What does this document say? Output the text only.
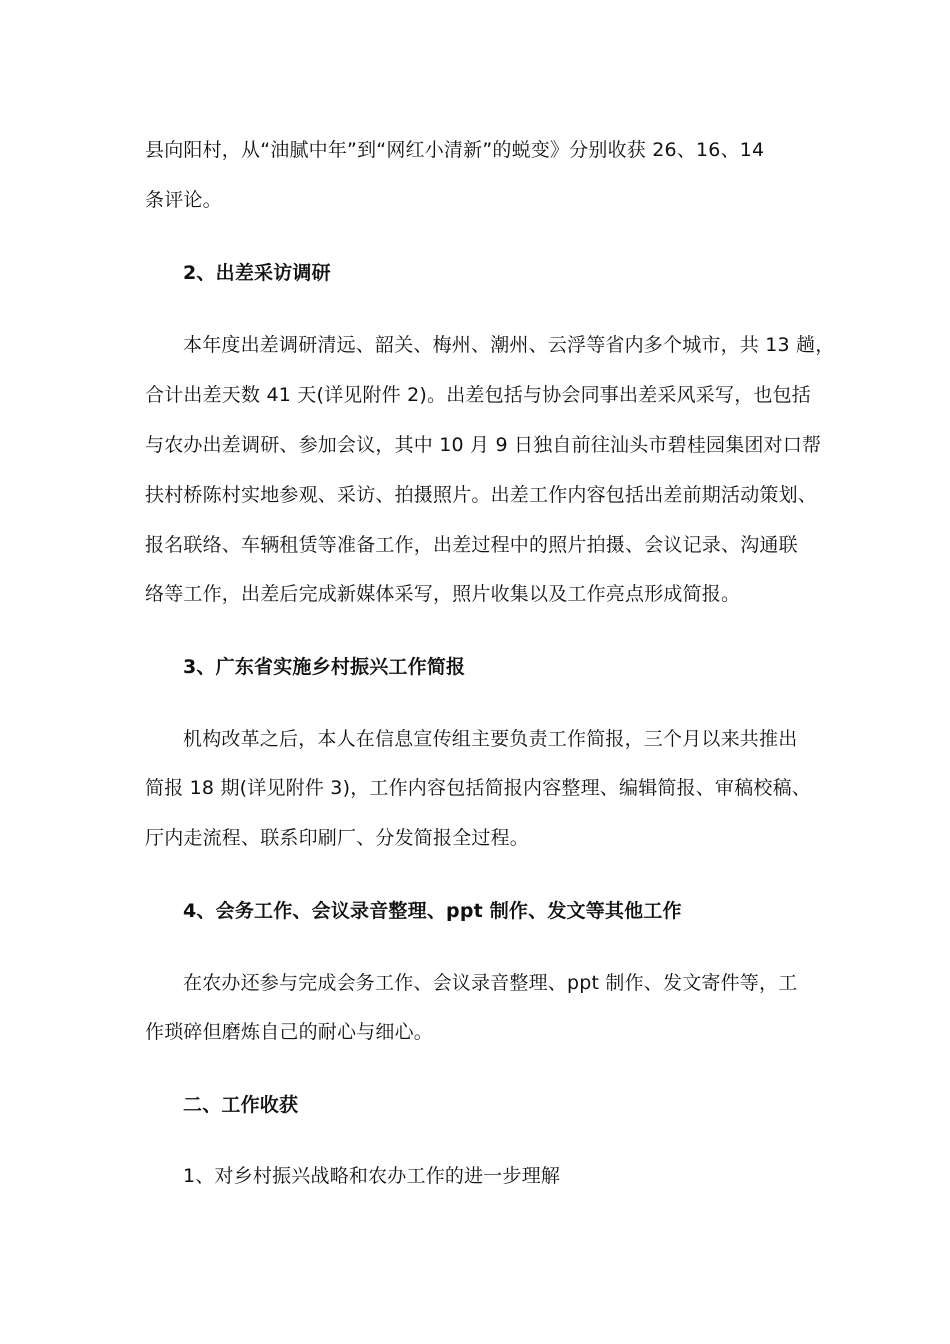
县向阳村，从“油腻中年”到“网红小清新”的蜕变》分别收获 26、16、14
条评论。
2、出差采访调研
本年度出差调研清远、韶关、梅州、潮州、云浮等省内多个城市，共 13 趟，
合计出差天数 41 天(详见附件 2)。出差包括与协会同事出差采风采写，也包括
与农办出差调研、参加会议，其中 10 月 9 日独自前往汕头市碧桂园集团对口帮
扶村桥陈村实地参观、采访、拍摄照片。出差工作内容包括出差前期活动策划、
报名联络、车辆租赁等准备工作，出差过程中的照片拍摄、会议记录、沟通联
络等工作，出差后完成新媒体采写，照片收集以及工作亮点形成简报。
3、广东省实施乡村振兴工作简报
机构改革之后，本人在信息宣传组主要负责工作简报，三个月以来共推出
简报 18 期(详见附件 3)，工作内容包括简报内容整理、编辑简报、审稿校稿、
厅内走流程、联系印刷厂、分发简报全过程。
4、会务工作、会议录音整理、ppt 制作、发文等其他工作
在农办还参与完成会务工作、会议录音整理、ppt 制作、发文寄件等，工
作琐碎但磨炼自己的耐心与细心。
二、工作收获
1、对乡村振兴战略和农办工作的进一步理解
